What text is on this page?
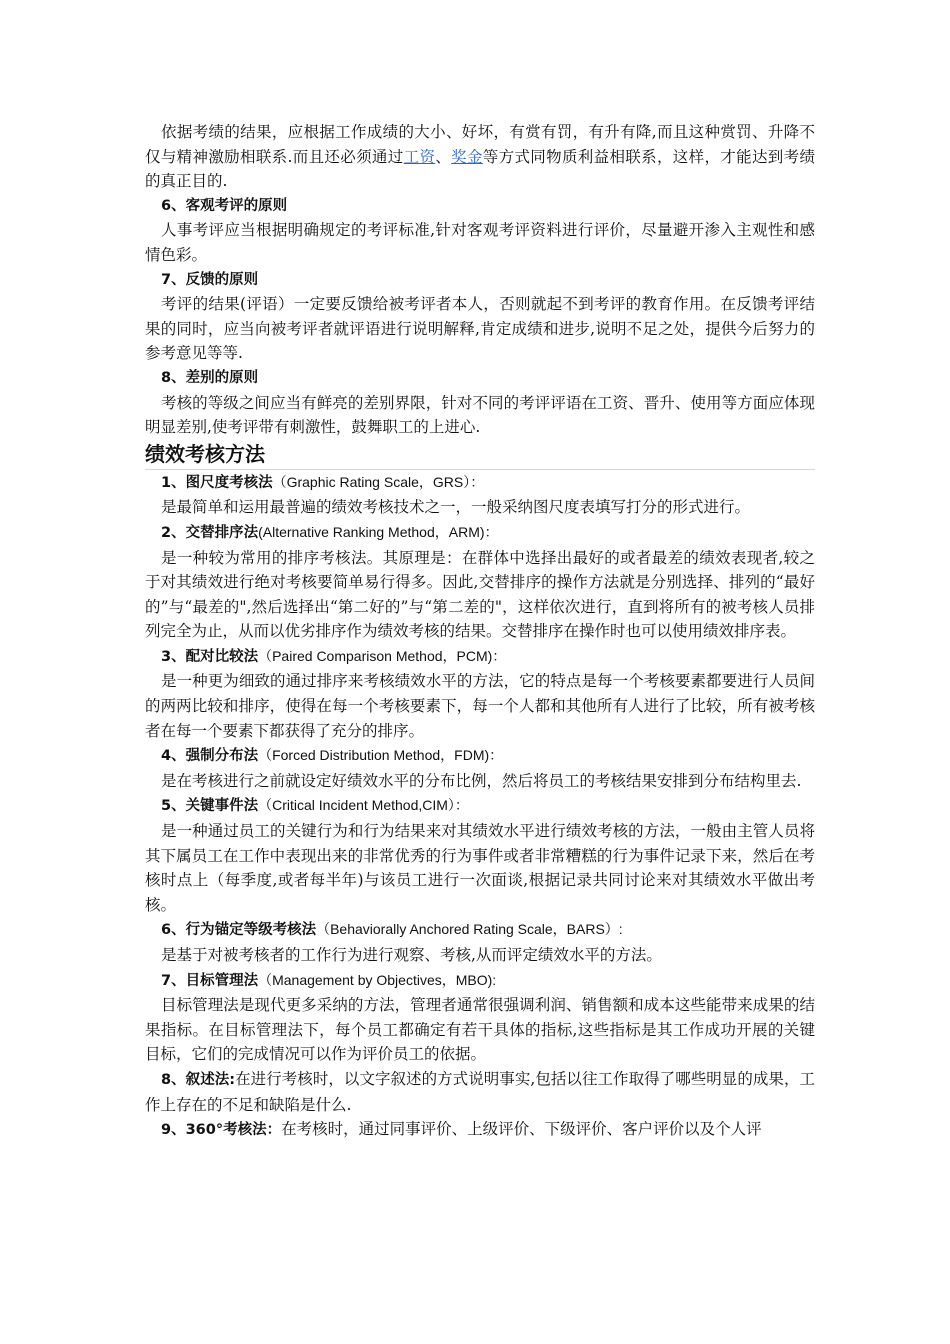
依据考绩的结果，应根据工作成绩的大小、好坏，有赏有罚，有升有降,而且这种赏罚、升降不仅与精神激励相联系.而且还必须通过工资、奖金等方式同物质利益相联系，这样，才能达到考绩的真正目的.

6、客观考评的原则

人事考评应当根据明确规定的考评标准,针对客观考评资料进行评价，尽量避开渗入主观性和感情色彩。

7、反馈的原则

考评的结果(评语）一定要反馈给被考评者本人，否则就起不到考评的教育作用。在反馈考评结果的同时，应当向被考评者就评语进行说明解释,肯定成绩和进步,说明不足之处，提供今后努力的参考意见等等.

8、差别的原则

考核的等级之间应当有鲜亮的差别界限，针对不同的考评评语在工资、晋升、使用等方面应体现明显差别,使考评带有刺激性，鼓舞职工的上进心.

绩效考核方法

1、图尺度考核法（Graphic Rating Scale，GRS）：

是最简单和运用最普遍的绩效考核技术之一，一般采纳图尺度表填写打分的形式进行。

2、交替排序法(Alternative Ranking Method，ARM)：

是一种较为常用的排序考核法。其原理是：在群体中选择出最好的或者最差的绩效表现者,较之于对其绩效进行绝对考核要简单易行得多。因此,交替排序的操作方法就是分别选择、排列的“最好的”与“最差的",然后选择出“第二好的”与“第二差的"，这样依次进行，直到将所有的被考核人员排列完全为止，从而以优劣排序作为绩效考核的结果。交替排序在操作时也可以使用绩效排序表。

3、配对比较法（Paired Comparison Method，PCM)：

是一种更为细致的通过排序来考核绩效水平的方法，它的特点是每一个考核要素都要进行人员间的两两比较和排序，使得在每一个考核要素下，每一个人都和其他所有人进行了比较，所有被考核者在每一个要素下都获得了充分的排序。

4、强制分布法（Forced Distribution Method，FDM)：

是在考核进行之前就设定好绩效水平的分布比例，然后将员工的考核结果安排到分布结构里去.

5、关键事件法（Critical Incident Method,CIM）：

是一种通过员工的关键行为和行为结果来对其绩效水平进行绩效考核的方法，一般由主管人员将其下属员工在工作中表现出来的非常优秀的行为事件或者非常糟糕的行为事件记录下来，然后在考核时点上（每季度,或者每半年)与该员工进行一次面谈,根据记录共同讨论来对其绩效水平做出考核。

6、行为锚定等级考核法（Behaviorally Anchored Rating Scale，BARS）:

是基于对被考核者的工作行为进行观察、考核,从而评定绩效水平的方法。

7、目标管理法（Management by Objectives，MBO):

目标管理法是现代更多采纳的方法，管理者通常很强调利润、销售额和成本这些能带来成果的结果指标。在目标管理法下，每个员工都确定有若干具体的指标,这些指标是其工作成功开展的关键目标，它们的完成情况可以作为评价员工的依据。

8、叙述法:在进行考核时，以文字叙述的方式说明事实,包括以往工作取得了哪些明显的成果，工作上存在的不足和缺陷是什么.

9、360°考核法：在考核时，通过同事评价、上级评价、下级评价、客户评价以及个人评
